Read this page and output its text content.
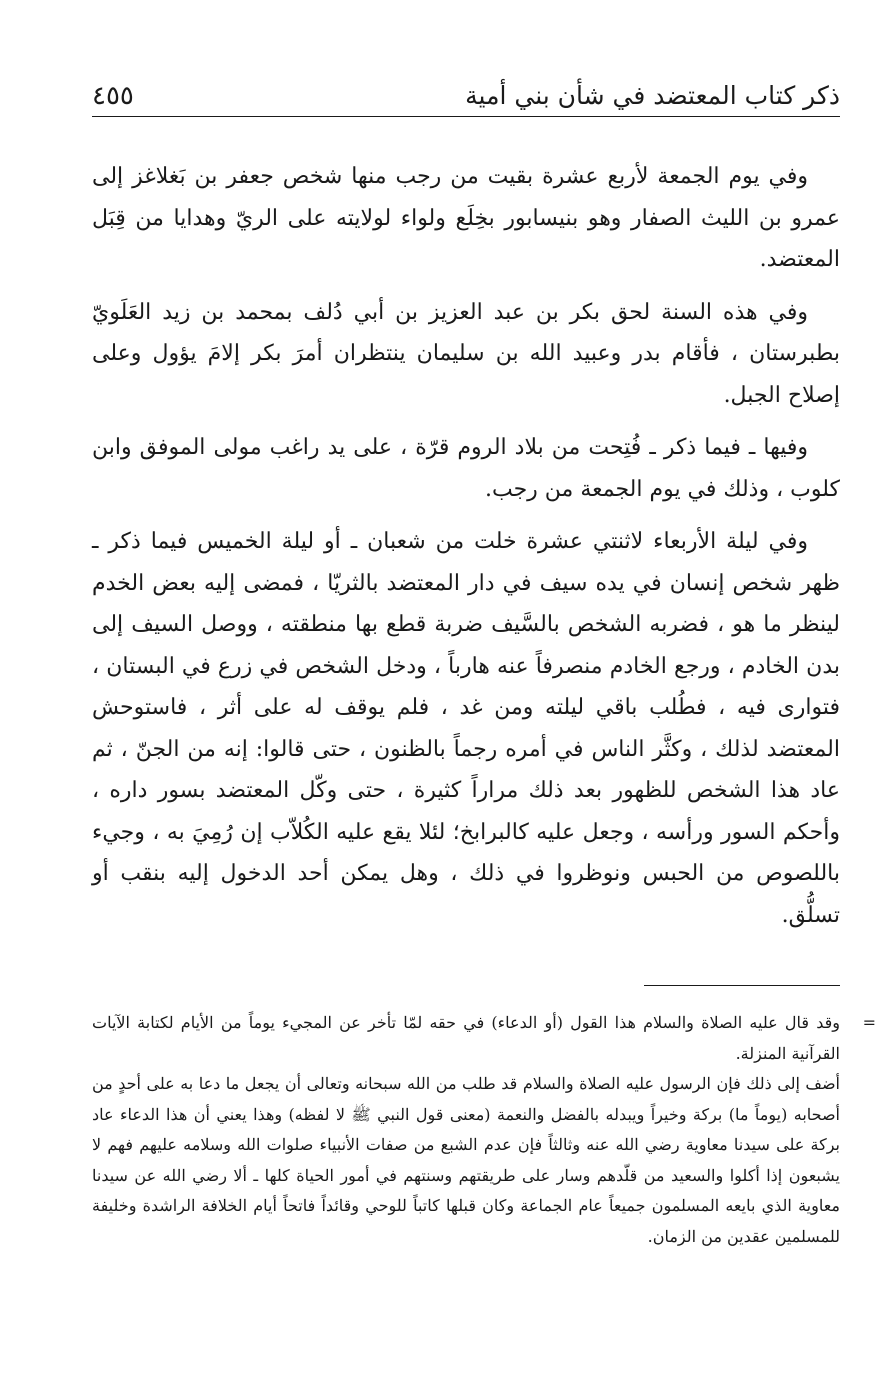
ذكر كتاب المعتضد في شأن بني أمية
٤٥٥

وفي يوم الجمعة لأربع عشرة بقيت من رجب منها شخص جعفر بن بَغلاغز إلى عمرو بن الليث الصفار وهو بنيسابور بخِلَع ولواء لولايته على الريّ وهدايا من قِبَل المعتضد.

وفي هذه السنة لحق بكر بن عبد العزيز بن أبي دُلف بمحمد بن زيد العَلَويّ بطبرستان ، فأقام بدر وعبيد الله بن سليمان ينتظران أمرَ بكر إلامَ يؤول وعلى إصلاح الجبل.

وفيها ـ فيما ذكر ـ فُتِحت من بلاد الروم قرّة ، على يد راغب مولى الموفق وابن كلوب ، وذلك في يوم الجمعة من رجب.

وفي ليلة الأربعاء لاثنتي عشرة خلت من شعبان ـ أو ليلة الخميس فيما ذكر ـ ظهر شخص إنسان في يده سيف في دار المعتضد بالثريّا ، فمضى إليه بعض الخدم لينظر ما هو ، فضربه الشخص بالسَّيف ضربة قطع بها منطقته ، ووصل السيف إلى بدن الخادم ، ورجع الخادم منصرفاً عنه هارباً ، ودخل الشخص في زرع في البستان ، فتوارى فيه ، فطُلب باقي ليلته ومن غد ، فلم يوقف له على أثر ، فاستوحش المعتضد لذلك ، وكثَّر الناس في أمره رجماً بالظنون ، حتى قالوا: إنه من الجنّ ، ثم عاد هذا الشخص للظهور بعد ذلك مراراً كثيرة ، حتى وكّل المعتضد بسور داره ، وأحكم السور ورأسه ، وجعل عليه كالبرابخ؛ لئلا يقع عليه الكُلاّب إن رُمِيَ به ، وجيء باللصوص من الحبس ونوظروا في ذلك ، وهل يمكن أحد الدخول إليه بنقب أو تسلُّق.

=

وقد قال عليه الصلاة والسلام هذا القول (أو الدعاء) في حقه لمّا تأخر عن المجيء يوماً من الأيام لكتابة الآيات القرآنية المنزلة.

أضف إلى ذلك فإن الرسول عليه الصلاة والسلام قد طلب من الله سبحانه وتعالى أن يجعل ما دعا به على أحدٍ من أصحابه (يوماً ما) بركة وخيراً ويبدله بالفضل والنعمة (معنى قول النبي ﷺ لا لفظه) وهذا يعني أن هذا الدعاء عاد بركة على سيدنا معاوية رضي الله عنه وثالثاً فإن عدم الشبع من صفات الأنبياء صلوات الله وسلامه عليهم فهم لا يشبعون إذا أكلوا والسعيد من قلّدهم وسار على طريقتهم وسنتهم في أمور الحياة كلها ـ ألا رضي الله عن سيدنا معاوية الذي بايعه المسلمون جميعاً عام الجماعة وكان قبلها كاتباً للوحي وقائداً فاتحاً أيام الخلافة الراشدة وخليفة للمسلمين عقدين من الزمان.
